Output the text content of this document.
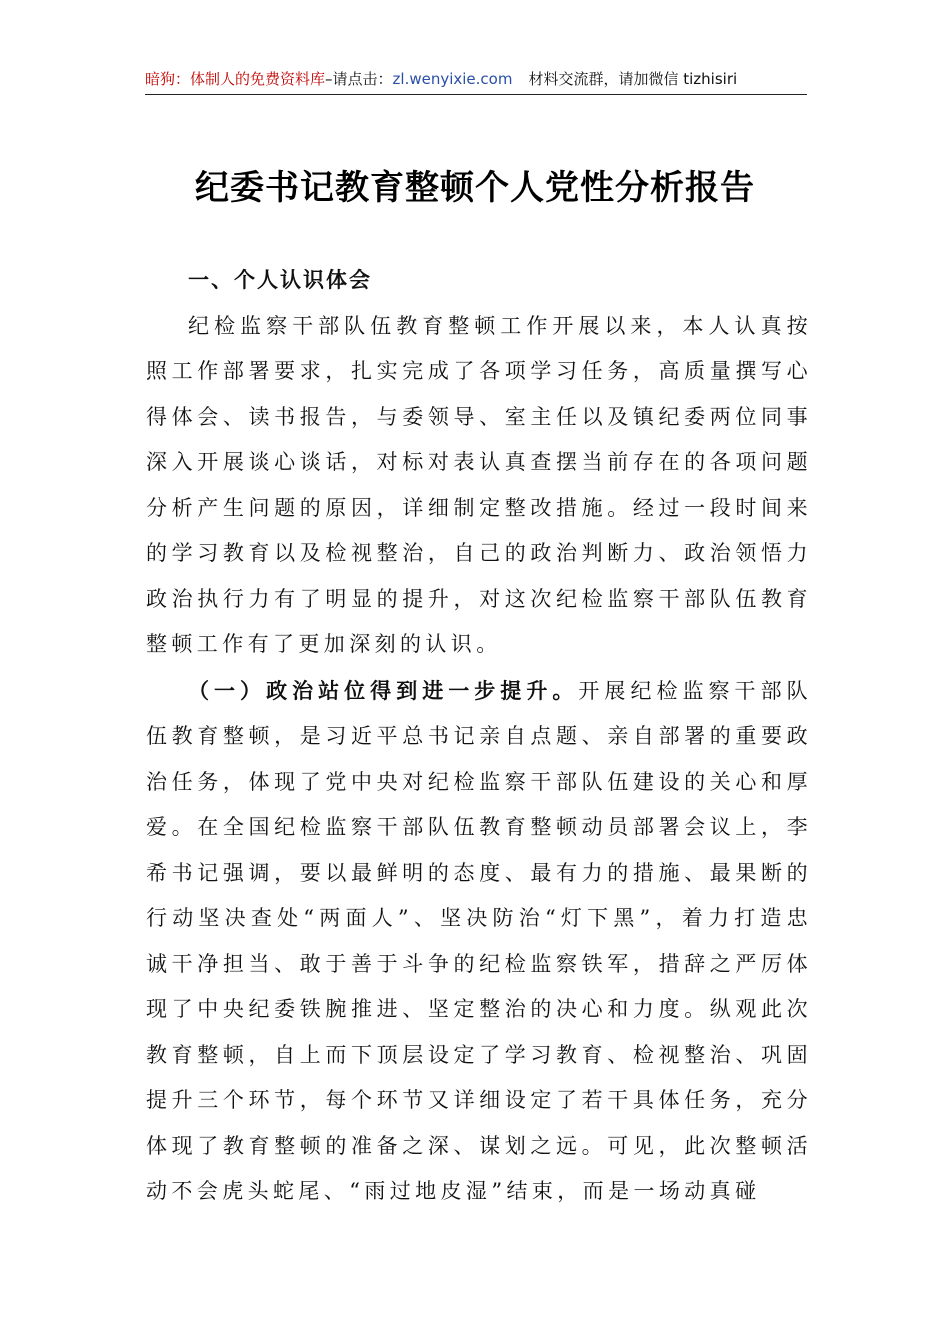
暗狗：体制人的免费资料库–请点击：zl.wenyixie.com 材料交流群，请加微信 tizhisiri
纪委书记教育整顿个人党性分析报告

一、个人认识体会

纪检监察干部队伍教育整顿工作开展以来，本人认真按照工作部署要求，扎实完成了各项学习任务，高质量撰写心得体会、读书报告，与委领导、室主任以及镇纪委两位同事深入开展谈心谈话，对标对表认真查摆当前存在的各项问题分析产生问题的原因，详细制定整改措施。经过一段时间来的学习教育以及检视整治，自己的政治判断力、政治领悟力政治执行力有了明显的提升，对这次纪检监察干部队伍教育整顿工作有了更加深刻的认识。

（一）政治站位得到进一步提升。开展纪检监察干部队伍教育整顿，是习近平总书记亲自点题、亲自部署的重要政治任务，体现了党中央对纪检监察干部队伍建设的关心和厚爱。在全国纪检监察干部队伍教育整顿动员部署会议上，李希书记强调，要以最鲜明的态度、最有力的措施、最果断的行动坚决查处“两面人”、坚决防治“灯下黑”，着力打造忠诚干净担当、敢于善于斗争的纪检监察铁军，措辞之严厉体现了中央纪委铁腕推进、坚定整治的决心和力度。纵观此次教育整顿，自上而下顶层设定了学习教育、检视整治、巩固提升三个环节，每个环节又详细设定了若干具体任务，充分体现了教育整顿的准备之深、谋划之远。可见，此次整顿活动不会虎头蛇尾、“雨过地皮湿”结束，而是一场动真碰
